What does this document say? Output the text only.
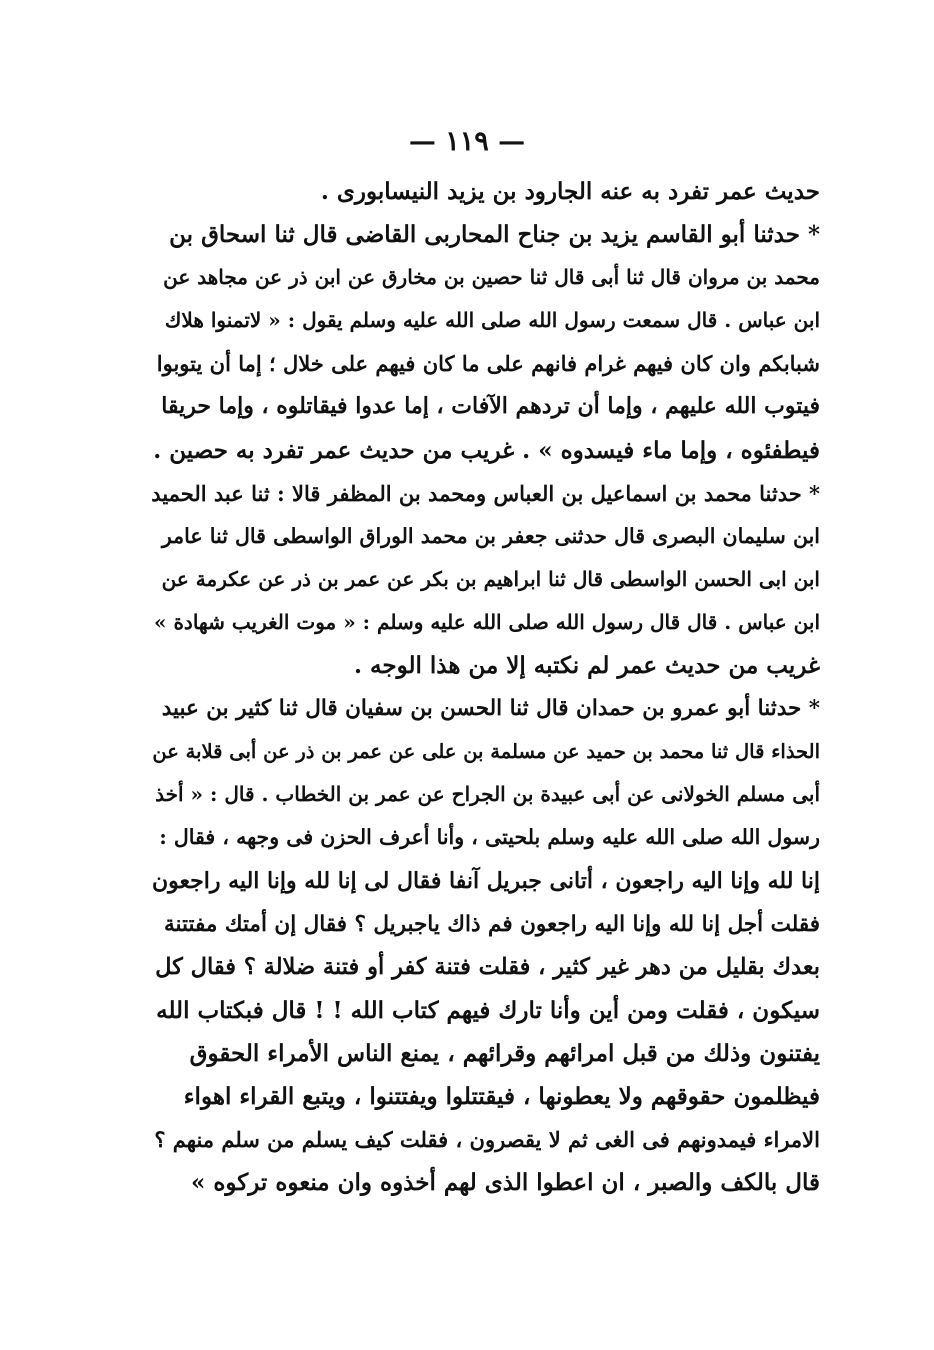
— ١١٩ —
حديث عمر تفرد به عنه الجارود بن يزيد النيسابورى .
* حدثنا أبو القاسم يزيد بن جناح المحاربى القاضى قال ثنا اسحاق بن
محمد بن مروان قال ثنا أبى قال ثنا حصين بن مخارق عن ابن ذر عن مجاهد عن
ابن عباس . قال سمعت رسول الله صلى الله عليه وسلم يقول : « لاتمنوا هلاك
شبابكم وان كان فيهم غرام فانهم على ما كان فيهم على خلال ؛ إما أن يتوبوا
فيتوب الله عليهم ، وإما أن تردهم الآفات ، إما عدوا فيقاتلوه ، وإما حريقا
فيطفئوه ، وإما ماء فيسدوه » . غريب من حديث عمر تفرد به حصين .
* حدثنا محمد بن اسماعيل بن العباس ومحمد بن المظفر قالا : ثنا عبد الحميد
ابن سليمان البصرى قال حدثنى جعفر بن محمد الوراق الواسطى قال ثنا عامر
ابن ابى الحسن الواسطى قال ثنا ابراهيم بن بكر عن عمر بن ذر عن عكرمة عن
ابن عباس . قال قال رسول الله صلى الله عليه وسلم : « موت الغريب شهادة »
غريب من حديث عمر لم نكتبه إلا من هذا الوجه .
* حدثنا أبو عمرو بن حمدان قال ثنا الحسن بن سفيان قال ثنا كثير بن عبيد
الحذاء قال ثنا محمد بن حميد عن مسلمة بن على عن عمر بن ذر عن أبى قلابة عن
أبى مسلم الخولانى عن أبى عبيدة بن الجراح عن عمر بن الخطاب . قال : « أخذ
رسول الله صلى الله عليه وسلم بلحيتى ، وأنا أعرف الحزن فى وجهه ، فقال :
إنا لله وإنا اليه راجعون ، أتانى جبريل آنفا فقال لى إنا لله وإنا اليه راجعون
فقلت أجل إنا لله وإنا اليه راجعون فم ذاك ياجبريل ؟ فقال إن أمتك مفتتنة
بعدك بقليل من دهر غير كثير ، فقلت فتنة كفر أو فتنة ضلالة ؟ فقال كل
سيكون ، فقلت ومن أين وأنا تارك فيهم كتاب الله ! ! قال فبكتاب الله
يفتنون وذلك من قبل امرائهم وقرائهم ، يمنع الناس الأمراء الحقوق
فيظلمون حقوقهم ولا يعطونها ، فيقتتلوا ويفتتنوا ، ويتبع القراء اهواء
الامراء فيمدونهم فى الغى ثم لا يقصرون ، فقلت كيف يسلم من سلم منهم ؟
قال بالكف والصبر ، ان اعطوا الذى لهم أخذوه وان منعوه تركوه »
